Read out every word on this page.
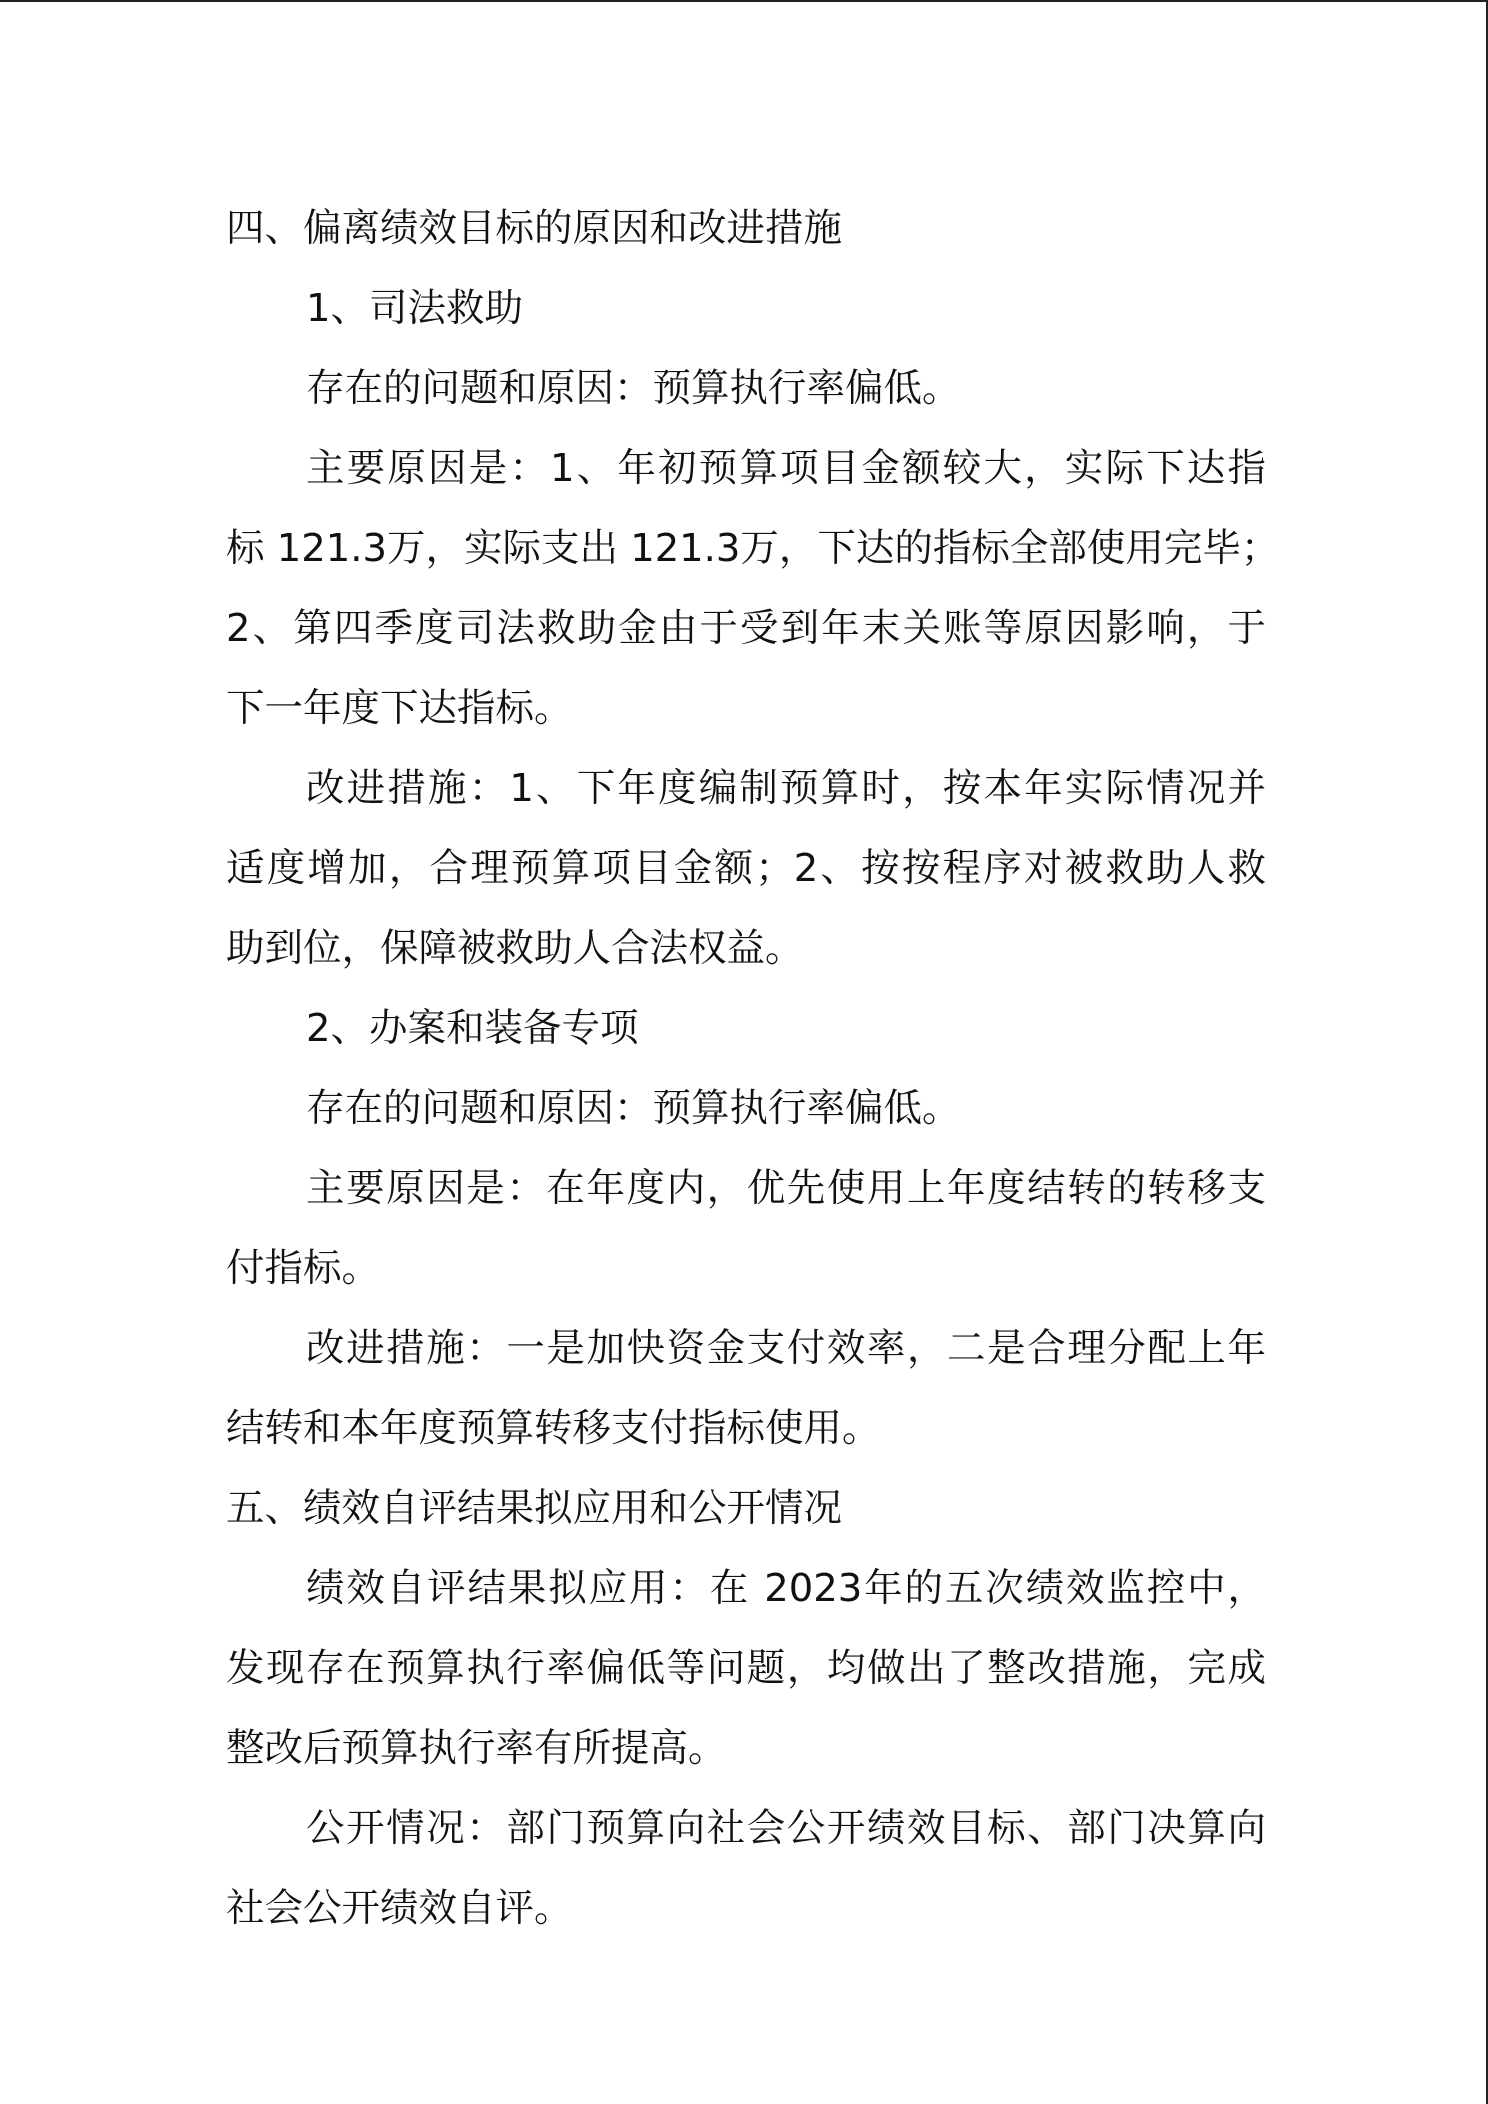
四、偏离绩效目标的原因和改进措施
1、司法救助
存在的问题和原因：预算执行率偏低。
主要原因是：1、年初预算项目金额较大，实际下达指
标 121.3万，实际支出 121.3万，下达的指标全部使用完毕；
2、第四季度司法救助金由于受到年末关账等原因影响，于
下一年度下达指标。
改进措施：1、下年度编制预算时，按本年实际情况并
适度增加，合理预算项目金额；2、按按程序对被救助人救
助到位，保障被救助人合法权益。
2、办案和装备专项
存在的问题和原因：预算执行率偏低。
主要原因是：在年度内，优先使用上年度结转的转移支
付指标。
改进措施：一是加快资金支付效率，二是合理分配上年
结转和本年度预算转移支付指标使用。
五、绩效自评结果拟应用和公开情况
绩效自评结果拟应用：在 2023年的五次绩效监控中，
发现存在预算执行率偏低等问题，均做出了整改措施，完成
整改后预算执行率有所提高。
公开情况：部门预算向社会公开绩效目标、部门决算向
社会公开绩效自评。
